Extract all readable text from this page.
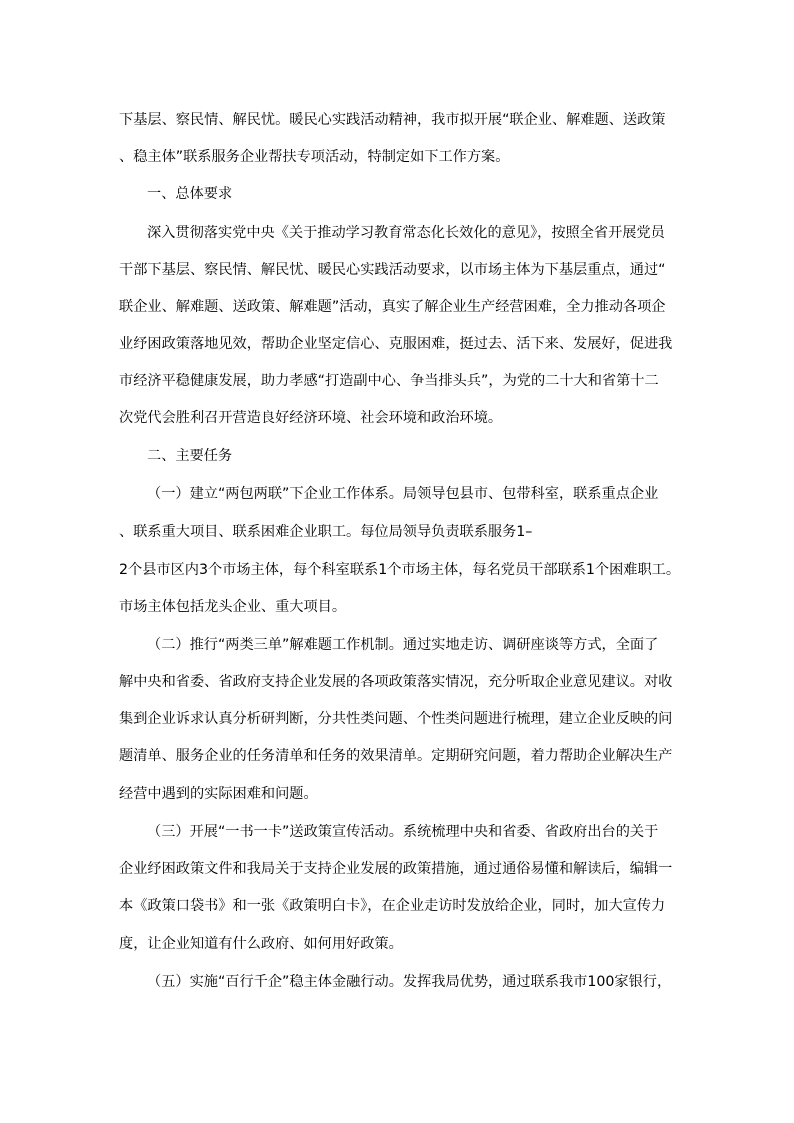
下基层、察民情、解民忧。暖民心实践活动精神，我市拟开展“联企业、解难题、送政策
、稳主体”联系服务企业帮扶专项活动，特制定如下工作方案。
一、总体要求
深入贯彻落实党中央《关于推动学习教育常态化长效化的意见》，按照全省开展党员
干部下基层、察民情、解民忧、暖民心实践活动要求，以市场主体为下基层重点，通过“
联企业、解难题、送政策、解难题”活动，真实了解企业生产经营困难，全力推动各项企
业纾困政策落地见效，帮助企业坚定信心、克服困难，挺过去、活下来、发展好，促进我
市经济平稳健康发展，助力孝感“打造副中心、争当排头兵”，为党的二十大和省第十二
次党代会胜利召开营造良好经济环境、社会环境和政治环境。
二、主要任务
（一）建立“两包两联”下企业工作体系。局领导包县市、包带科室，联系重点企业
、联系重大项目、联系困难企业职工。每位局领导负责联系服务1–
2个县市区内3个市场主体，每个科室联系1个市场主体，每名党员干部联系1个困难职工。
市场主体包括龙头企业、重大项目。
（二）推行“两类三单”解难题工作机制。通过实地走访、调研座谈等方式，全面了
解中央和省委、省政府支持企业发展的各项政策落实情况，充分听取企业意见建议。对收
集到企业诉求认真分析研判断，分共性类问题、个性类问题进行梳理，建立企业反映的问
题清单、服务企业的任务清单和任务的效果清单。定期研究问题，着力帮助企业解决生产
经营中遇到的实际困难和问题。
（三）开展“一书一卡”送政策宣传活动。系统梳理中央和省委、省政府出台的关于
企业纾困政策文件和我局关于支持企业发展的政策措施，通过通俗易懂和解读后，编辑一
本《政策口袋书》和一张《政策明白卡》，在企业走访时发放给企业，同时，加大宣传力
度，让企业知道有什么政府、如何用好政策。
（五）实施“百行千企”稳主体金融行动。发挥我局优势，通过联系我市100家银行，
